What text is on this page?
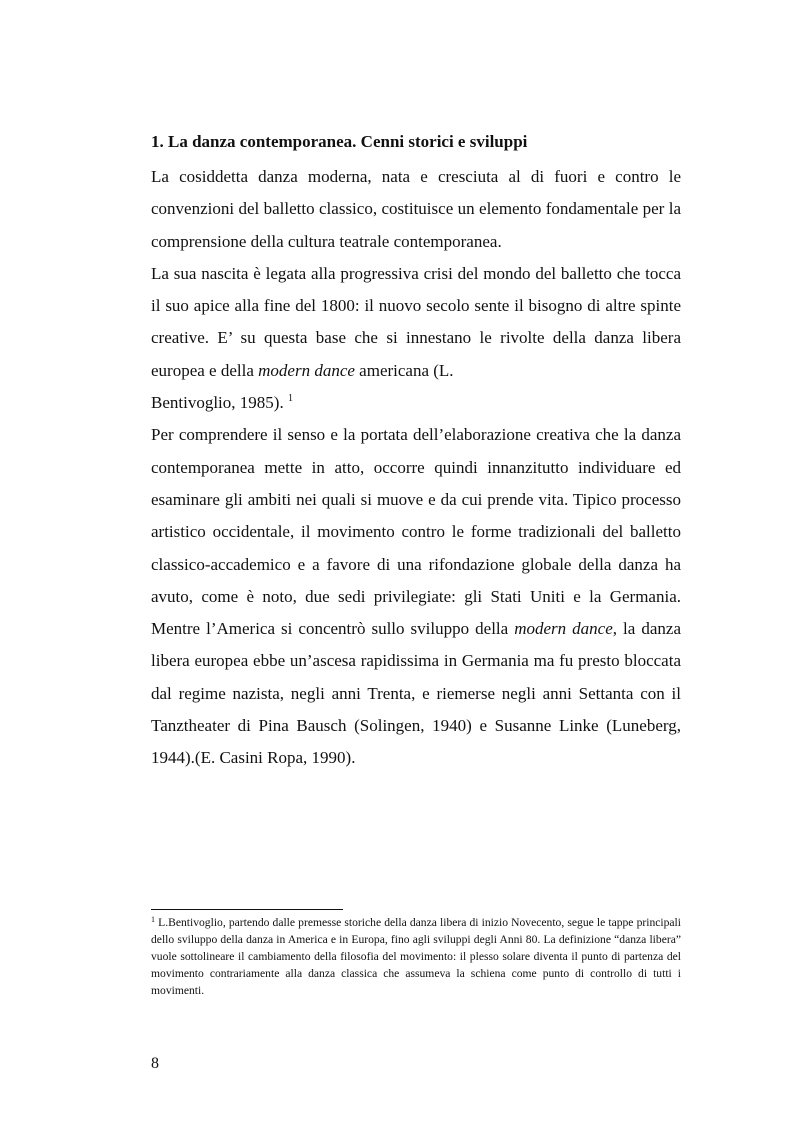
1. La danza contemporanea. Cenni storici e sviluppi

La cosiddetta danza moderna, nata e cresciuta al di fuori e contro le convenzioni del balletto classico, costituisce un elemento fondamentale per la comprensione della cultura teatrale contemporanea.

La sua nascita è legata alla progressiva crisi del mondo del balletto che tocca il suo apice alla fine del 1800: il nuovo secolo sente il bisogno di altre spinte creative. E’ su questa base che si innestano le rivolte della danza libera europea e della modern dance americana (L.
Bentivoglio, 1985). $^1$

Per comprendere il senso e la portata dell’elaborazione creativa che la danza contemporanea mette in atto, occorre quindi innanzitutto individuare ed esaminare gli ambiti nei quali si muove e da cui prende vita. Tipico processo artistico occidentale, il movimento contro le forme tradizionali del balletto classico-accademico e a favore di una rifondazione globale della danza ha avuto, come è noto, due sedi privilegiate: gli Stati Uniti e la Germania. Mentre l’America si concentrò sullo sviluppo della modern dance, la danza libera europea ebbe un’ascesa rapidissima in Germania ma fu presto bloccata dal regime nazista, negli anni Trenta, e riemerse negli anni Settanta con il Tanztheater di Pina Bausch (Solingen, 1940) e Susanne Linke (Luneberg, 1944).(E. Casini Ropa, 1990).

$^1$ L.Bentivoglio, partendo dalle premesse storiche della danza libera di inizio Novecento, segue le tappe principali dello sviluppo della danza in America e in Europa, fino agli sviluppi degli Anni 80. La definizione “danza libera” vuole sottolineare il cambiamento della filosofia del movimento: il plesso solare diventa il punto di partenza del movimento contrariamente alla danza classica che assumeva la schiena come punto di controllo di tutti i movimenti.

8
